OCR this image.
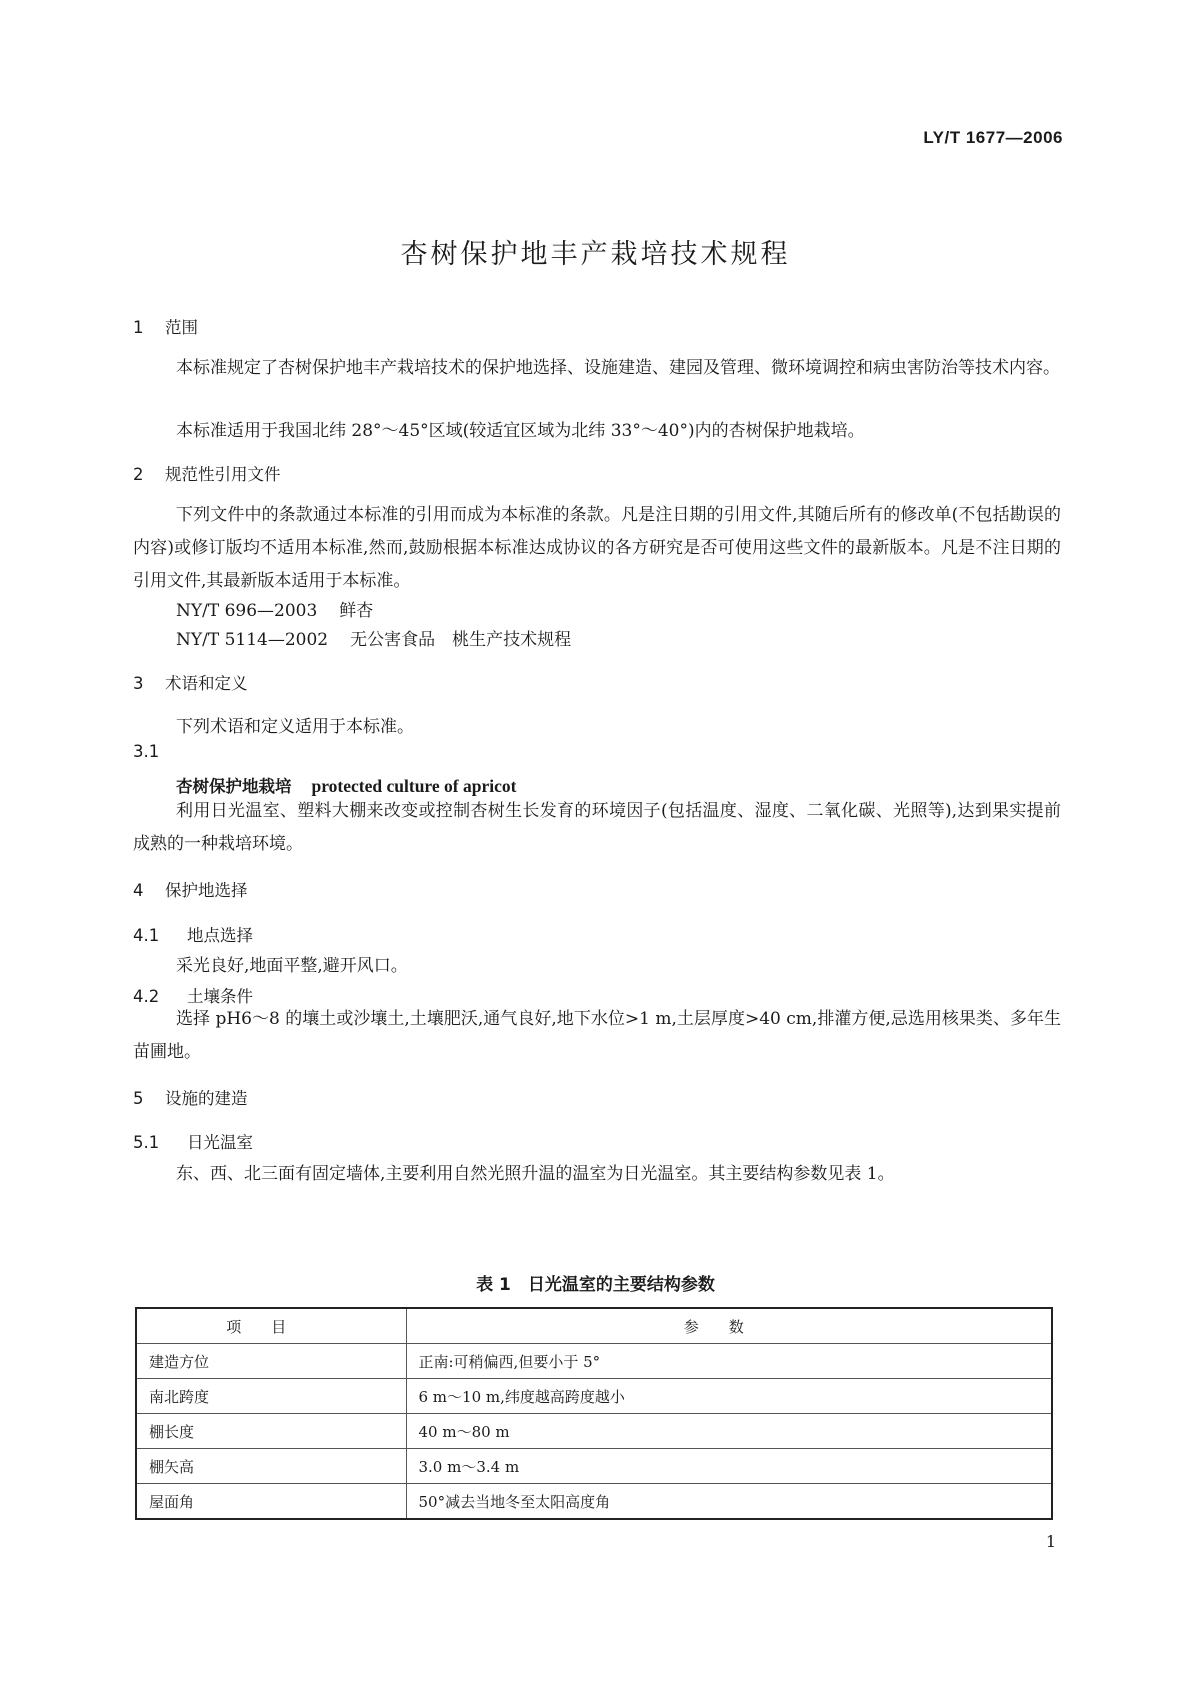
LY/T 1677—2006
杏树保护地丰产栽培技术规程
1 范围
本标准规定了杏树保护地丰产栽培技术的保护地选择、设施建造、建园及管理、微环境调控和病虫害防治等技术内容。
本标准适用于我国北纬 28°～45°区域(较适宜区域为北纬 33°～40°)内的杏树保护地栽培。
2 规范性引用文件
下列文件中的条款通过本标准的引用而成为本标准的条款。凡是注日期的引用文件,其随后所有的修改单(不包括勘误的内容)或修订版均不适用本标准,然而,鼓励根据本标准达成协议的各方研究是否可使用这些文件的最新版本。凡是不注日期的引用文件,其最新版本适用于本标准。
NY/T 696—2003 鲜杏
NY/T 5114—2002 无公害食品　桃生产技术规程
3 术语和定义
下列术语和定义适用于本标准。
3.1
杏树保护地栽培 protected culture of apricot
利用日光温室、塑料大棚来改变或控制杏树生长发育的环境因子(包括温度、湿度、二氧化碳、光照等),达到果实提前成熟的一种栽培环境。
4 保护地选择
4.1 地点选择
采光良好,地面平整,避开风口。
4.2 土壤条件
选择 pH6～8 的壤土或沙壤土,土壤肥沃,通气良好,地下水位>1 m,土层厚度>40 cm,排灌方便,忌选用核果类、多年生苗圃地。
5 设施的建造
5.1 日光温室
东、西、北三面有固定墙体,主要利用自然光照升温的温室为日光温室。其主要结构参数见表 1。
表 1　日光温室的主要结构参数
项目	参数
建造方位	正南:可稍偏西,但要小于 5°
南北跨度	6 m～10 m,纬度越高跨度越小
棚长度	40 m～80 m
棚矢高	3.0 m～3.4 m
屋面角	50°减去当地冬至太阳高度角
1
